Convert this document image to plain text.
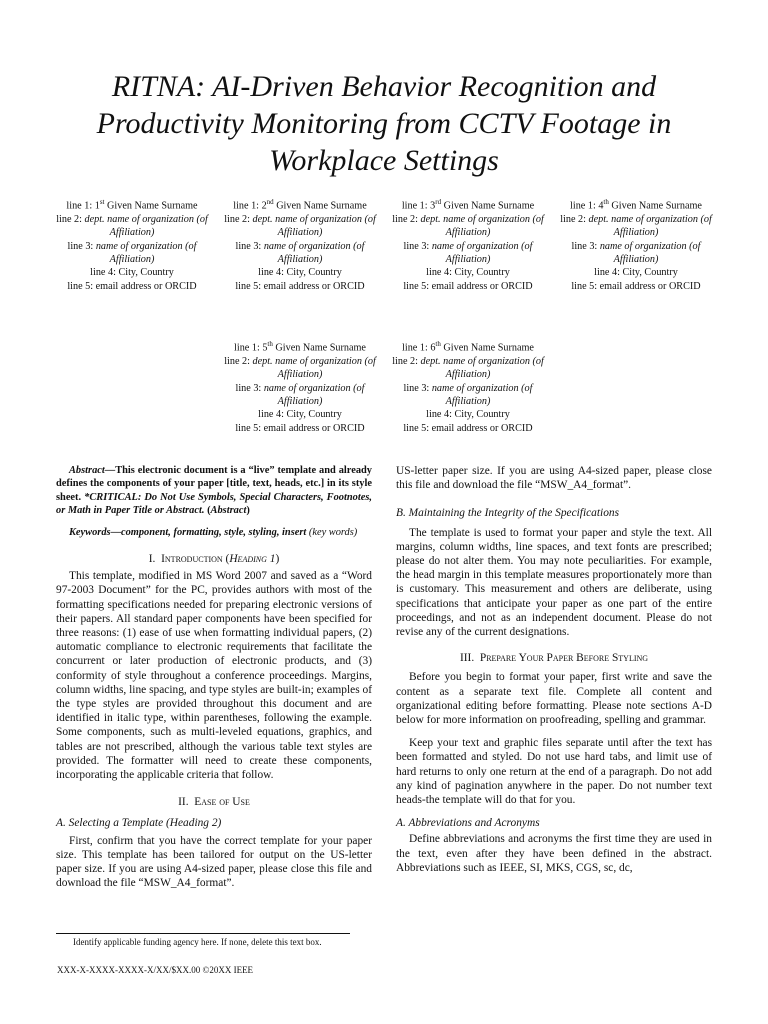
RITNA: AI-Driven Behavior Recognition and Productivity Monitoring from CCTV Footage in Workplace Settings
line 1: 1st Given Name Surname
line 2: dept. name of organization (of Affiliation)
line 3: name of organization (of Affiliation)
line 4: City, Country
line 5: email address or ORCID
line 1: 2nd Given Name Surname
line 2: dept. name of organization (of Affiliation)
line 3: name of organization (of Affiliation)
line 4: City, Country
line 5: email address or ORCID
line 1: 3rd Given Name Surname
line 2: dept. name of organization (of Affiliation)
line 3: name of organization (of Affiliation)
line 4: City, Country
line 5: email address or ORCID
line 1: 4th Given Name Surname
line 2: dept. name of organization (of Affiliation)
line 3: name of organization (of Affiliation)
line 4: City, Country
line 5: email address or ORCID
line 1: 5th Given Name Surname
line 2: dept. name of organization (of Affiliation)
line 3: name of organization (of Affiliation)
line 4: City, Country
line 5: email address or ORCID
line 1: 6th Given Name Surname
line 2: dept. name of organization (of Affiliation)
line 3: name of organization (of Affiliation)
line 4: City, Country
line 5: email address or ORCID

Abstract—This electronic document is a “live” template and already defines the components of your paper [title, text, heads, etc.] in its style sheet. *CRITICAL: Do Not Use Symbols, Special Characters, Footnotes, or Math in Paper Title or Abstract. (Abstract)

Keywords—component, formatting, style, styling, insert (key words)

I. Introduction (Heading 1)

This template, modified in MS Word 2007 and saved as a “Word 97-2003 Document” for the PC, provides authors with most of the formatting specifications needed for preparing electronic versions of their papers. All standard paper components have been specified for three reasons: (1) ease of use when formatting individual papers, (2) automatic compliance to electronic requirements that facilitate the concurrent or later production of electronic products, and (3) conformity of style throughout a conference proceedings. Margins, column widths, line spacing, and type styles are built-in; examples of the type styles are provided throughout this document and are identified in italic type, within parentheses, following the example. Some components, such as multi-leveled equations, graphics, and tables are not prescribed, although the various table text styles are provided. The formatter will need to create these components, incorporating the applicable criteria that follow.

II. Ease of Use

A. Selecting a Template (Heading 2)

First, confirm that you have the correct template for your paper size. This template has been tailored for output on the US-letter paper size. If you are using A4-sized paper, please close this file and download the file “MSW_A4_format”.

US-letter paper size. If you are using A4-sized paper, please close this file and download the file “MSW_A4_format”.

B. Maintaining the Integrity of the Specifications

The template is used to format your paper and style the text. All margins, column widths, line spaces, and text fonts are prescribed; please do not alter them. You may note peculiarities. For example, the head margin in this template measures proportionately more than is customary. This measurement and others are deliberate, using specifications that anticipate your paper as one part of the entire proceedings, and not as an independent document. Please do not revise any of the current designations.

III. Prepare Your Paper Before Styling

Before you begin to format your paper, first write and save the content as a separate text file. Complete all content and organizational editing before formatting. Please note sections A-D below for more information on proofreading, spelling and grammar.

Keep your text and graphic files separate until after the text has been formatted and styled. Do not use hard tabs, and limit use of hard returns to only one return at the end of a paragraph. Do not add any kind of pagination anywhere in the paper. Do not number text heads-the template will do that for you.

A. Abbreviations and Acronyms

Define abbreviations and acronyms the first time they are used in the text, even after they have been defined in the abstract. Abbreviations such as IEEE, SI, MKS, CGS, sc, dc,

Identify applicable funding agency here. If none, delete this text box.
XXX-X-XXXX-XXXX-X/XX/$XX.00 ©20XX IEEE
